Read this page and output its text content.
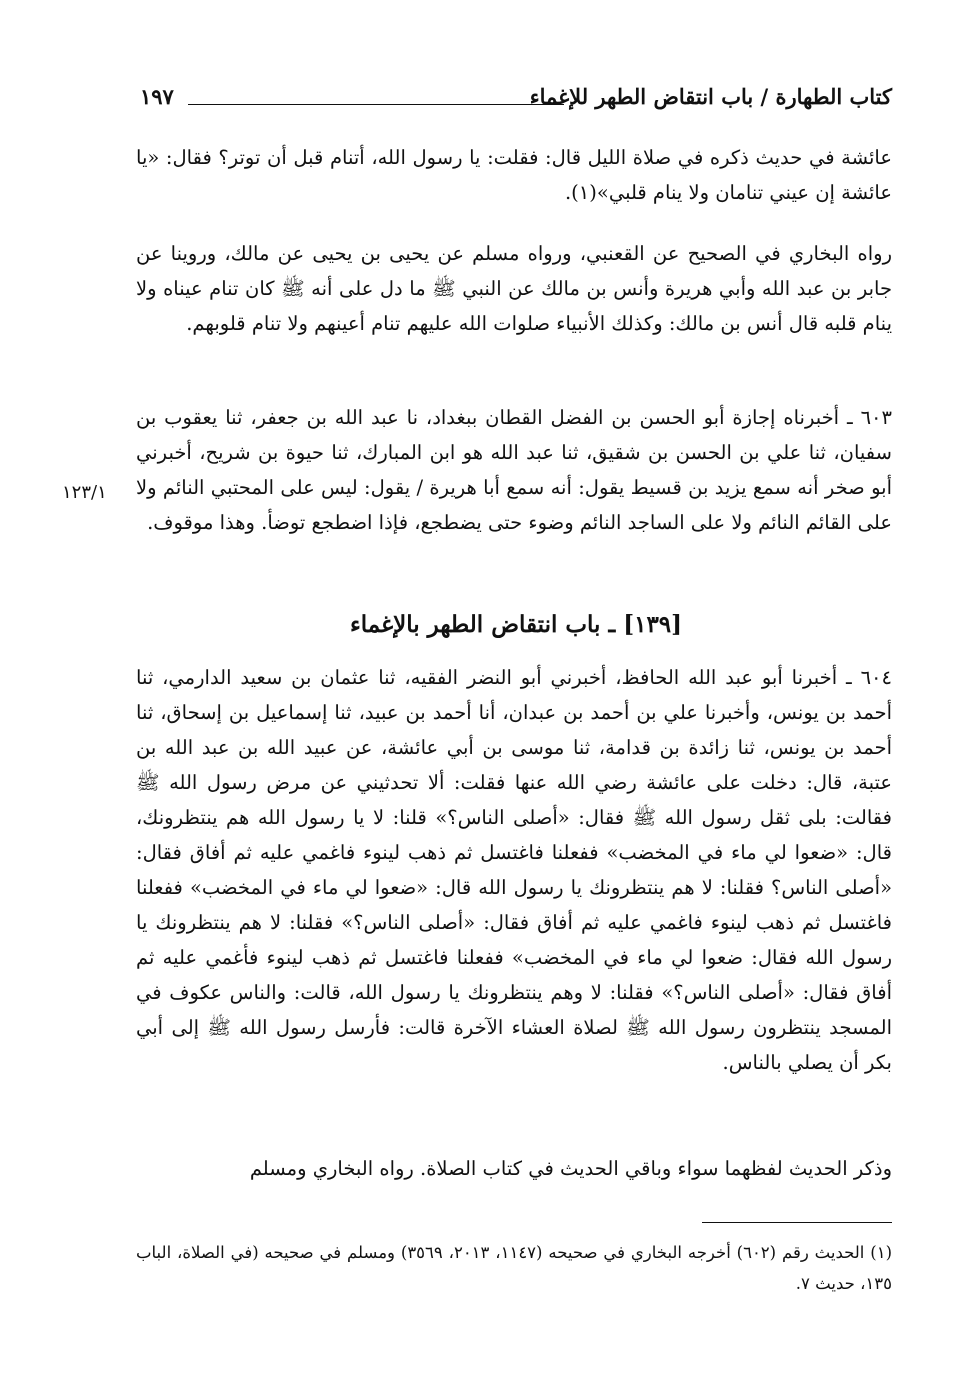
كتاب الطهارة / باب انتقاض الطهر للإغماء
١٩٧

عائشة في حديث ذكره في صلاة الليل قال: فقلت: يا رسول الله، أتنام قبل أن توتر؟ فقال: «يا عائشة إن عيني تنامان ولا ينام قلبي»(١).

رواه البخاري في الصحيح عن القعنبي، ورواه مسلم عن يحيى بن يحيى عن مالك، وروينا عن جابر بن عبد الله وأبي هريرة وأنس بن مالك عن النبي ﷺ ما دل على أنه ﷺ كان تنام عيناه ولا ينام قلبه قال أنس بن مالك: وكذلك الأنبياء صلوات الله عليهم تنام أعينهم ولا تنام قلوبهم.

٦٠٣ ـ أخبرناه إجازة أبو الحسن بن الفضل القطان ببغداد، نا عبد الله بن جعفر، ثنا يعقوب بن سفيان، ثنا علي بن الحسن بن شقيق، ثنا عبد الله هو ابن المبارك، ثنا حيوة بن شريح، أخبرني أبو صخر أنه سمع يزيد بن قسيط يقول: أنه سمع أبا هريرة / يقول: ليس على المحتبي النائم ولا على القائم النائم ولا على الساجد النائم وضوء حتى يضطجع، فإذا اضطجع توضأ. وهذا موقوف.

١٢٣/١
[١٣٩] ـ باب انتقاض الطهر بالإغماء

٦٠٤ ـ أخبرنا أبو عبد الله الحافظ، أخبرني أبو النضر الفقيه، ثنا عثمان بن سعيد الدارمي، ثنا أحمد بن يونس، وأخبرنا علي بن أحمد بن عبدان، أنا أحمد بن عبيد، ثنا إسماعيل بن إسحاق، ثنا أحمد بن يونس، ثنا زائدة بن قدامة، ثنا موسى بن أبي عائشة، عن عبيد الله بن عبد الله بن عتبة، قال: دخلت على عائشة رضي الله عنها فقلت: ألا تحدثيني عن مرض رسول الله ﷺ فقالت: بلى ثقل رسول الله ﷺ فقال: «أصلى الناس؟» قلنا: لا يا رسول الله هم ينتظرونك، قال: «ضعوا لي ماء في المخضب» ففعلنا فاغتسل ثم ذهب لينوء فاغمي عليه ثم أفاق فقال: «أصلى الناس؟ فقلنا: لا هم ينتظرونك يا رسول الله قال: «ضعوا لي ماء في المخضب» ففعلنا فاغتسل ثم ذهب لينوء فاغمي عليه ثم أفاق فقال: «أصلى الناس؟» فقلنا: لا هم ينتظرونك يا رسول الله فقال: ضعوا لي ماء في المخضب» ففعلنا فاغتسل ثم ذهب لينوء فأغمي عليه ثم أفاق فقال: «أصلى الناس؟» فقلنا: لا وهم ينتظرونك يا رسول الله، قالت: والناس عكوف في المسجد ينتظرون رسول الله ﷺ لصلاة العشاء الآخرة قالت: فأرسل رسول الله ﷺ إلى أبي بكر أن يصلي بالناس.

وذكر الحديث لفظهما سواء وباقي الحديث في كتاب الصلاة. رواه البخاري ومسلم

(١) الحديث رقم (٦٠٢) أخرجه البخاري في صحيحه (١١٤٧، ٢٠١٣، ٣٥٦٩) ومسلم في صحيحه (في الصلاة، الباب ١٣٥، حديث ٧.
